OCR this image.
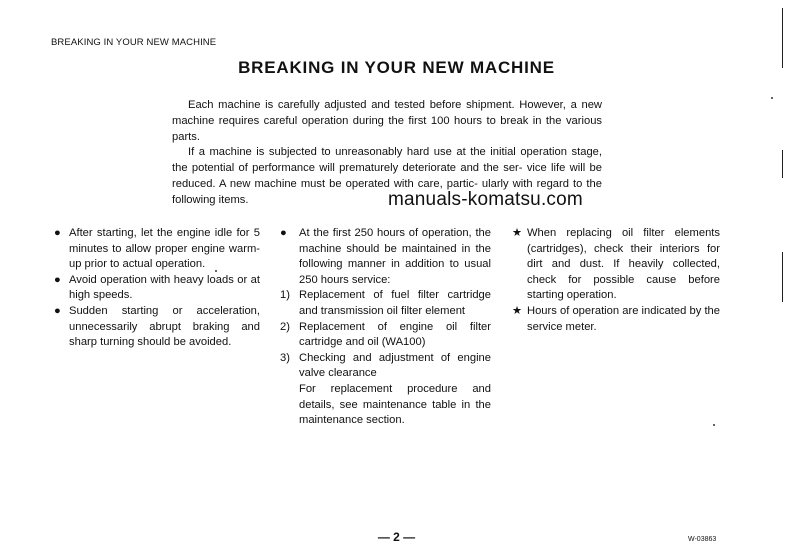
BREAKING IN YOUR NEW MACHINE
BREAKING IN YOUR NEW MACHINE

Each machine is carefully adjusted and tested before shipment. However, a new machine requires careful operation during the first 100 hours to break in the various parts.

If a machine is subjected to unreasonably hard use at the initial operation stage, the potential of performance will prematurely deteriorate and the ser- vice life will be reduced. A new machine must be operated with care, partic- ularly with regard to the following items.	manuals-komatsu.com

● After starting, let the engine idle for 5 minutes to allow proper engine warm-up prior to actual operation.

● Avoid operation with heavy loads or at high speeds.

● Sudden starting or acceleration, unnecessarily abrupt braking and sharp turning should be avoided.

● At the first 250 hours of operation, the machine should be maintained in the following manner in addition to usual 250 hours service:

1) Replacement of fuel filter cartridge and transmission oil filter element

2) Replacement of engine oil filter cartridge and oil (WA100)

3) Checking and adjustment of engine valve clearance

For replacement procedure and details, see maintenance table in the maintenance section.

★ When replacing oil filter elements (cartridges), check their interiors for dirt and dust. If heavily collected, check for possible cause before starting operation.

★ Hours of operation are indicated by the service meter.

— 2 —	W-03863
